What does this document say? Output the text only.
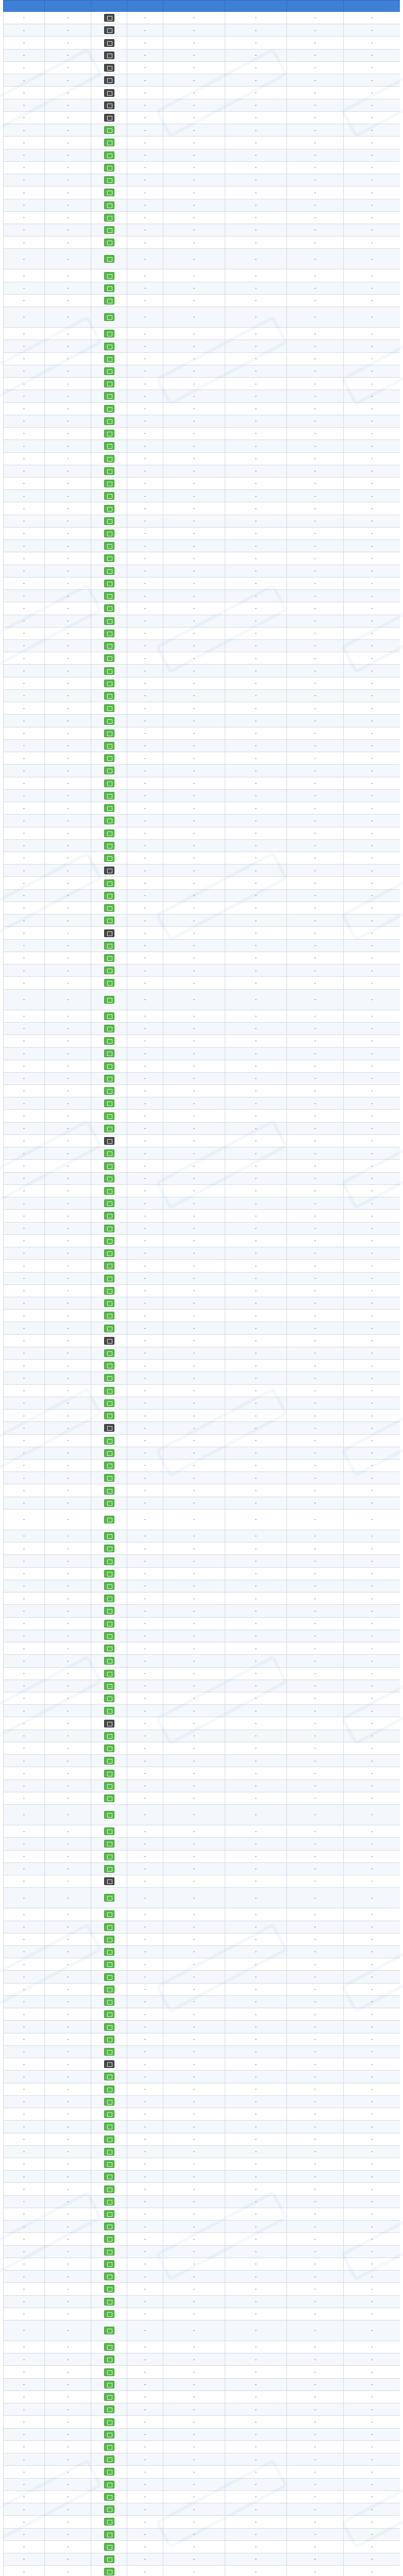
-	-		-	-	-	-	-
-	-		-	-	-	-	-
-	-		-	-	-	-	-
-	-		-	-	-	-	-
-	-		-	-	-	-	-
-	-		-	-	-	-	-
-	-		-	-	-	-	-
-	-		-	-	-	-	-
-	-		-	-	-	-	-
-	-		-	-	-	-	-
-	-		-	-	-	-	-
-	-		-	-	-	-	-
-	-		-	-	-	-	-
-	-		-	-	-	-	-
-	-		-	-	-	-	-
-	-		-	-	-	-	-
-	-		-	-	-	-	-
-	-		-	-	-	-	-
-	-		-	-	-	-	-
-	-		-	-	-	-	-
-	-		-	-	-	-	-
-	-		-	-	-	-	-
-	-		-	-	-	-	-
-	-		-	-	-	-	-
-	-		-	-	-	-	-
-	-		-	-	-	-	-
-	-		-	-	-	-	-
-	-		-	-	-	-	-
-	-		-	-	-	-	-
-	-		-	-	-	-	-
-	-		-	-	-	-	-
-	-		-	-	-	-	-
-	-		-	-	-	-	-
-	-		-	-	-	-	-
-	-		-	-	-	-	-
-	-		-	-	-	-	-
-	-		-	-	-	-	-
-	-		-	-	-	-	-
-	-		-	-	-	-	-
-	-		-	-	-	-	-
-	-		-	-	-	-	-
-	-		-	-	-	-	-
-	-		-	-	-	-	-
-	-		-	-	-	-	-
-	-		-	-	-	-	-
-	-		-	-	-	-	-
-	-		-	-	-	-	-
-	-		-	-	-	-	-
-	-		-	-	-	-	-
-	-		-	-	-	-	-
-	-		-	-	-	-	-
-	-		-	-	-	-	-
-	-		-	-	-	-	-
-	-		-	-	-	-	-
-	-		-	-	-	-	-
-	-		-	-	-	-	-
-	-		-	-	-	-	-
-	-		-	-	-	-	-
-	-		-	-	-	-	-
-	-		-	-	-	-	-
-	-		-	-	-	-	-
-	-		-	-	-	-	-
-	-		-	-	-	-	-
-	-		-	-	-	-	-
-	-		-	-	-	-	-
-	-		-	-	-	-	-
-	-		-	-	-	-	-
-	-		-	-	-	-	-
-	-		-	-	-	-	-
-	-		-	-	-	-	-
-	-		-	-	-	-	-
-	-		-	-	-	-	-
-	-		-	-	-	-	-
-	-		-	-	-	-	-
-	-		-	-	-	-	-
-	-		-	-	-	-	-
-	-		-	-	-	-	-
-	-		-	-	-	-	-
-	-		-	-	-	-	-
-	-		-	-	-	-	-
-	-		-	-	-	-	-
-	-		-	-	-	-	-
-	-		-	-	-	-	-
-	-		-	-	-	-	-
-	-		-	-	-	-	-
-	-		-	-	-	-	-
-	-		-	-	-	-	-
-	-		-	-	-	-	-
-	-		-	-	-	-	-
-	-		-	-	-	-	-
-	-		-	-	-	-	-
-	-		-	-	-	-	-
-	-		-	-	-	-	-
-	-		-	-	-	-	-
-	-		-	-	-	-	-
-	-		-	-	-	-	-
-	-		-	-	-	-	-
-	-		-	-	-	-	-
-	-		-	-	-	-	-
-	-		-	-	-	-	-
-	-		-	-	-	-	-
-	-		-	-	-	-	-
-	-		-	-	-	-	-
-	-		-	-	-	-	-
-	-		-	-	-	-	-
-	-		-	-	-	-	-
-	-		-	-	-	-	-
-	-		-	-	-	-	-
-	-		-	-	-	-	-
-	-		-	-	-	-	-
-	-		-	-	-	-	-
-	-		-	-	-	-	-
-	-		-	-	-	-	-
-	-		-	-	-	-	-
-	-		-	-	-	-	-
-	-		-	-	-	-	-
-	-		-	-	-	-	-
-	-		-	-	-	-	-
-	-		-	-	-	-	-
-	-		-	-	-	-	-
-	-		-	-	-	-	-
-	-		-	-	-	-	-
-	-		-	-	-	-	-
-	-		-	-	-	-	-
-	-		-	-	-	-	-
-	-		-	-	-	-	-
-	-		-	-	-	-	-
-	-		-	-	-	-	-
-	-		-	-	-	-	-
-	-		-	-	-	-	-
-	-		-	-	-	-	-
-	-		-	-	-	-	-
-	-		-	-	-	-	-
-	-		-	-	-	-	-
-	-		-	-	-	-	-
-	-		-	-	-	-	-
-	-		-	-	-	-	-
-	-		-	-	-	-	-
-	-		-	-	-	-	-
-	-		-	-	-	-	-
-	-		-	-	-	-	-
-	-		-	-	-	-	-
-	-		-	-	-	-	-
-	-		-	-	-	-	-
-	-		-	-	-	-	-
-	-		-	-	-	-	-
-	-		-	-	-	-	-
-	-		-	-	-	-	-
-	-		-	-	-	-	-
-	-		-	-	-	-	-
-	-		-	-	-	-	-
-	-		-	-	-	-	-
-	-		-	-	-	-	-
-	-		-	-	-	-	-
-	-		-	-	-	-	-
-	-		-	-	-	-	-
-	-		-	-	-	-	-
-	-		-	-	-	-	-
-	-		-	-	-	-	-
-	-		-	-	-	-	-
-	-		-	-	-	-	-
-	-		-	-	-	-	-
-	-		-	-	-	-	-
-	-		-	-	-	-	-
-	-		-	-	-	-	-
-	-		-	-	-	-	-
-	-		-	-	-	-	-
-	-		-	-	-	-	-
-	-		-	-	-	-	-
-	-		-	-	-	-	-
-	-		-	-	-	-	-
-	-		-	-	-	-	-
-	-		-	-	-	-	-
-	-		-	-	-	-	-
-	-		-	-	-	-	-
-	-		-	-	-	-	-
-	-		-	-	-	-	-
-	-		-	-	-	-	-
-	-		-	-	-	-	-
-	-		-	-	-	-	-
-	-		-	-	-	-	-
-	-		-	-	-	-	-
-	-		-	-	-	-	-
-	-		-	-	-	-	-
-	-		-	-	-	-	-
-	-		-	-	-	-	-
-	-		-	-	-	-	-
-	-		-	-	-	-	-
-	-		-	-	-	-	-
-	-		-	-	-	-	-
-	-		-	-	-	-	-
-	-		-	-	-	-	-
-	-		-	-	-	-	-
-	-		-	-	-	-	-
-	-		-	-	-	-	-
-	-		-	-	-	-	-
-	-		-	-	-	-	-
-	-		-	-	-	-	-
-	-		-	-	-	-	-
-	-		-	-	-	-	-
-	-		-	-	-	-	-
